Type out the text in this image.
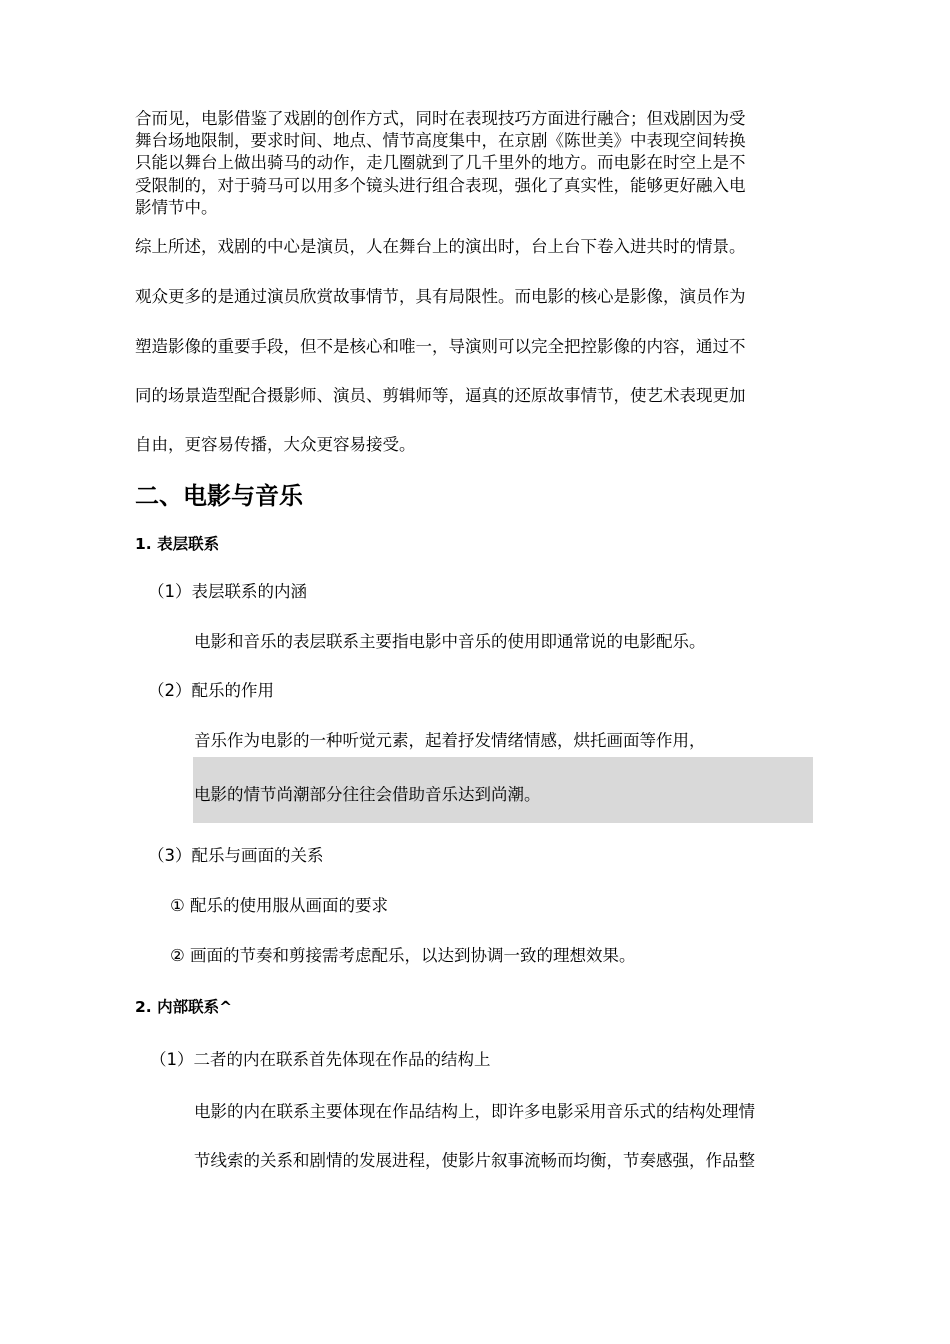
合而见，电影借鉴了戏剧的创作方式，同时在表现技巧方面进行融合；但戏剧因为受

舞台场地限制，要求时间、地点、情节高度集中，在京剧《陈世美》中表现空间转换

只能以舞台上做出骑马的动作，走几圈就到了几千里外的地方。而电影在时空上是不

受限制的，对于骑马可以用多个镜头进行组合表现，强化了真实性，能够更好融入电

影情节中。

综上所述，戏剧的中心是演员，人在舞台上的演出时，台上台下卷入进共时的情景。
观众更多的是通过演员欣赏故事情节，具有局限性。而电影的核心是影像，演员作为
塑造影像的重要手段，但不是核心和唯一，导演则可以完全把控影像的内容，通过不
同的场景造型配合摄影师、演员、剪辑师等，逼真的还原故事情节，使艺术表现更加
自由，更容易传播，大众更容易接受。
二、电影与音乐
1. 表层联系
（1）表层联系的内涵
电影和音乐的表层联系主要指电影中音乐的使用即通常说的电影配乐。
（2）配乐的作用
音乐作为电影的一种听觉元素，起着抒发情绪情感，烘托画面等作用，
电影的情节尚潮部分往往会借助音乐达到尚潮。
（3）配乐与画面的关系
① 配乐的使用服从画面的要求
② 画面的节奏和剪接需考虑配乐，以达到协调一致的理想效果。
2. 内部联系^
（1）二者的内在联系首先体现在作品的结构上
电影的内在联系主要体现在作品结构上，即许多电影采用音乐式的结构处理情
节线索的关系和剧情的发展进程，使影片叙事流畅而均衡，节奏感强，作品整
